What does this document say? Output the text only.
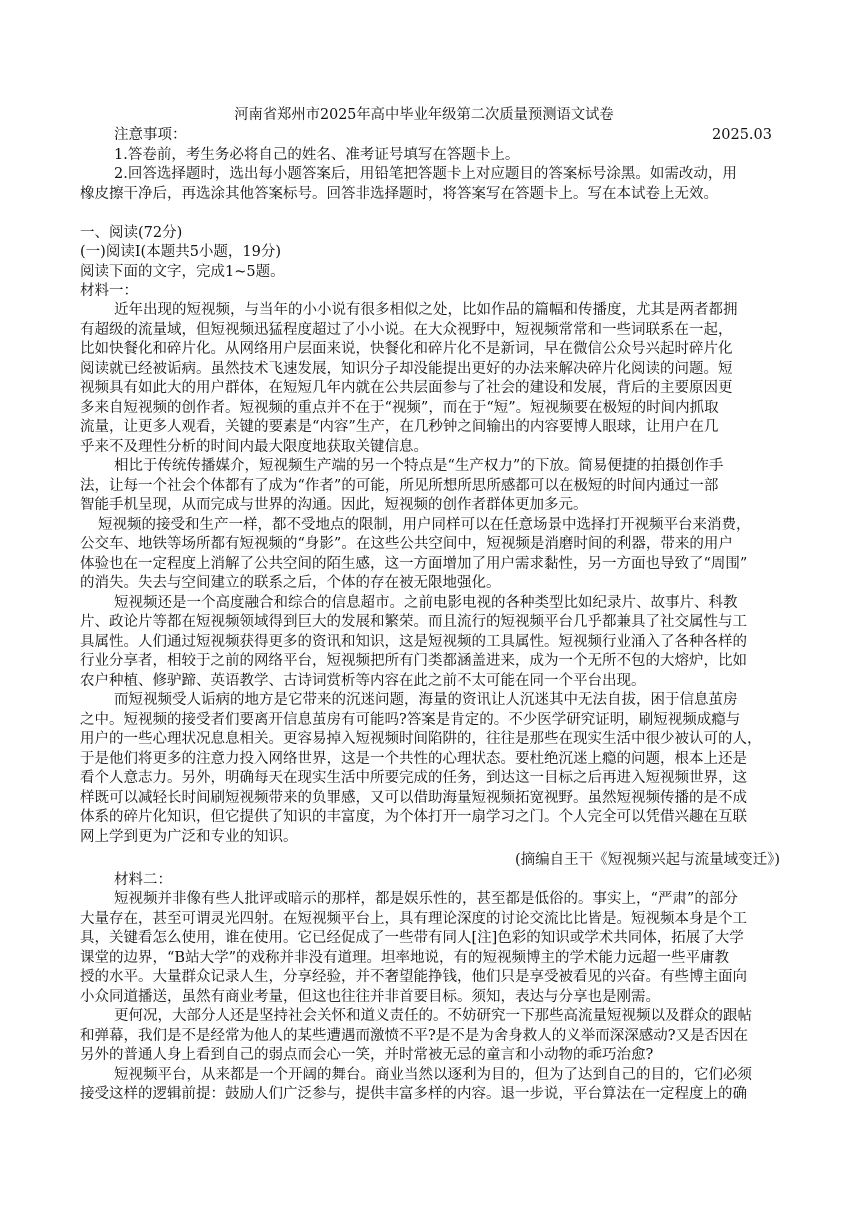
河南省郑州市2025年高中毕业年级第二次质量预测语文试卷
注意事项：	2025.03
1.答卷前，考生务必将自己的姓名、准考证号填写在答题卡上。
2.回答选择题时，选出每小题答案后，用铅笔把答题卡上对应题目的答案标号涂黑。如需改动，用
橡皮擦干净后，再选涂其他答案标号。回答非选择题时，将答案写在答题卡上。写在本试卷上无效。
一、阅读(72分)
(一)阅读Ⅰ(本题共5小题，19分)
阅读下面的文字，完成1~5题。
材料一：
近年出现的短视频，与当年的小小说有很多相似之处，比如作品的篇幅和传播度，尤其是两者都拥
有超级的流量域，但短视频迅猛程度超过了小小说。在大众视野中，短视频常常和一些词联系在一起，
比如快餐化和碎片化。从网络用户层面来说，快餐化和碎片化不是新词，早在微信公众号兴起时碎片化
阅读就已经被诟病。虽然技术飞速发展，知识分子却没能提出更好的办法来解决碎片化阅读的问题。短
视频具有如此大的用户群体，在短短几年内就在公共层面参与了社会的建设和发展，背后的主要原因更
多来自短视频的创作者。短视频的重点并不在于“视频”，而在于“短”。短视频要在极短的时间内抓取
流量，让更多人观看，关键的要素是“内容”生产，在几秒钟之间输出的内容要博人眼球，让用户在几
乎来不及理性分析的时间内最大限度地获取关键信息。
相比于传统传播媒介，短视频生产端的另一个特点是“生产权力”的下放。简易便捷的拍摄创作手
法，让每一个社会个体都有了成为“作者”的可能，所见所想所思所感都可以在极短的时间内通过一部
智能手机呈现，从而完成与世界的沟通。因此，短视频的创作者群体更加多元。
短视频的接受和生产一样，都不受地点的限制，用户同样可以在任意场景中选择打开视频平台来消费，
公交车、地铁等场所都有短视频的“身影”。在这些公共空间中，短视频是消磨时间的利器，带来的用户
体验也在一定程度上消解了公共空间的陌生感，这一方面增加了用户需求黏性，另一方面也导致了“周围”
的消失。失去与空间建立的联系之后，个体的存在被无限地强化。
短视频还是一个高度融合和综合的信息超市。之前电影电视的各种类型比如纪录片、故事片、科教
片、政论片等都在短视频领域得到巨大的发展和繁荣。而且流行的短视频平台几乎都兼具了社交属性与工
具属性。人们通过短视频获得更多的资讯和知识，这是短视频的工具属性。短视频行业涌入了各种各样的
行业分享者，相较于之前的网络平台，短视频把所有门类都涵盖进来，成为一个无所不包的大熔炉，比如
农户种植、修驴蹄、英语教学、古诗词赏析等内容在此之前不太可能在同一个平台出现。
而短视频受人诟病的地方是它带来的沉迷问题，海量的资讯让人沉迷其中无法自拔，困于信息茧房
之中。短视频的接受者们要离开信息茧房有可能吗?答案是肯定的。不少医学研究证明，刷短视频成瘾与
用户的一些心理状况息息相关。更容易掉入短视频时间陷阱的，往往是那些在现实生活中很少被认可的人，
于是他们将更多的注意力投入网络世界，这是一个共性的心理状态。要杜绝沉迷上瘾的问题，根本上还是
看个人意志力。另外，明确每天在现实生活中所要完成的任务，到达这一目标之后再进入短视频世界，这
样既可以减轻长时间刷短视频带来的负罪感，又可以借助海量短视频拓宽视野。虽然短视频传播的是不成
体系的碎片化知识，但它提供了知识的丰富度，为个体打开一扇学习之门。个人完全可以凭借兴趣在互联
网上学到更为广泛和专业的知识。
(摘编自王干《短视频兴起与流量域变迁》)
材料二：
短视频并非像有些人批评或暗示的那样，都是娱乐性的，甚至都是低俗的。事实上，“严肃”的部分
大量存在，甚至可谓灵光四射。在短视频平台上，具有理论深度的讨论交流比比皆是。短视频本身是个工
具，关键看怎么使用，谁在使用。它已经促成了一些带有同人[注]色彩的知识或学术共同体，拓展了大学
课堂的边界，“B站大学”的戏称并非没有道理。坦率地说，有的短视频博主的学术能力远超一些平庸教
授的水平。大量群众记录人生，分享经验，并不奢望能挣钱，他们只是享受被看见的兴奋。有些博主面向
小众同道播送，虽然有商业考量，但这也往往并非首要目标。须知，表达与分享也是刚需。
更何况，大部分人还是坚持社会关怀和道义责任的。不妨研究一下那些高流量短视频以及群众的跟帖
和弹幕，我们是不是经常为他人的某些遭遇而激愤不平?是不是为舍身救人的义举而深深感动?又是否因在
另外的普通人身上看到自己的弱点而会心一笑，并时常被无忌的童言和小动物的乖巧治愈?
短视频平台，从来都是一个开阔的舞台。商业当然以逐利为目的，但为了达到自己的目的，它们必须
接受这样的逻辑前提：鼓励人们广泛参与，提供丰富多样的内容。退一步说，平台算法在一定程度上的确
